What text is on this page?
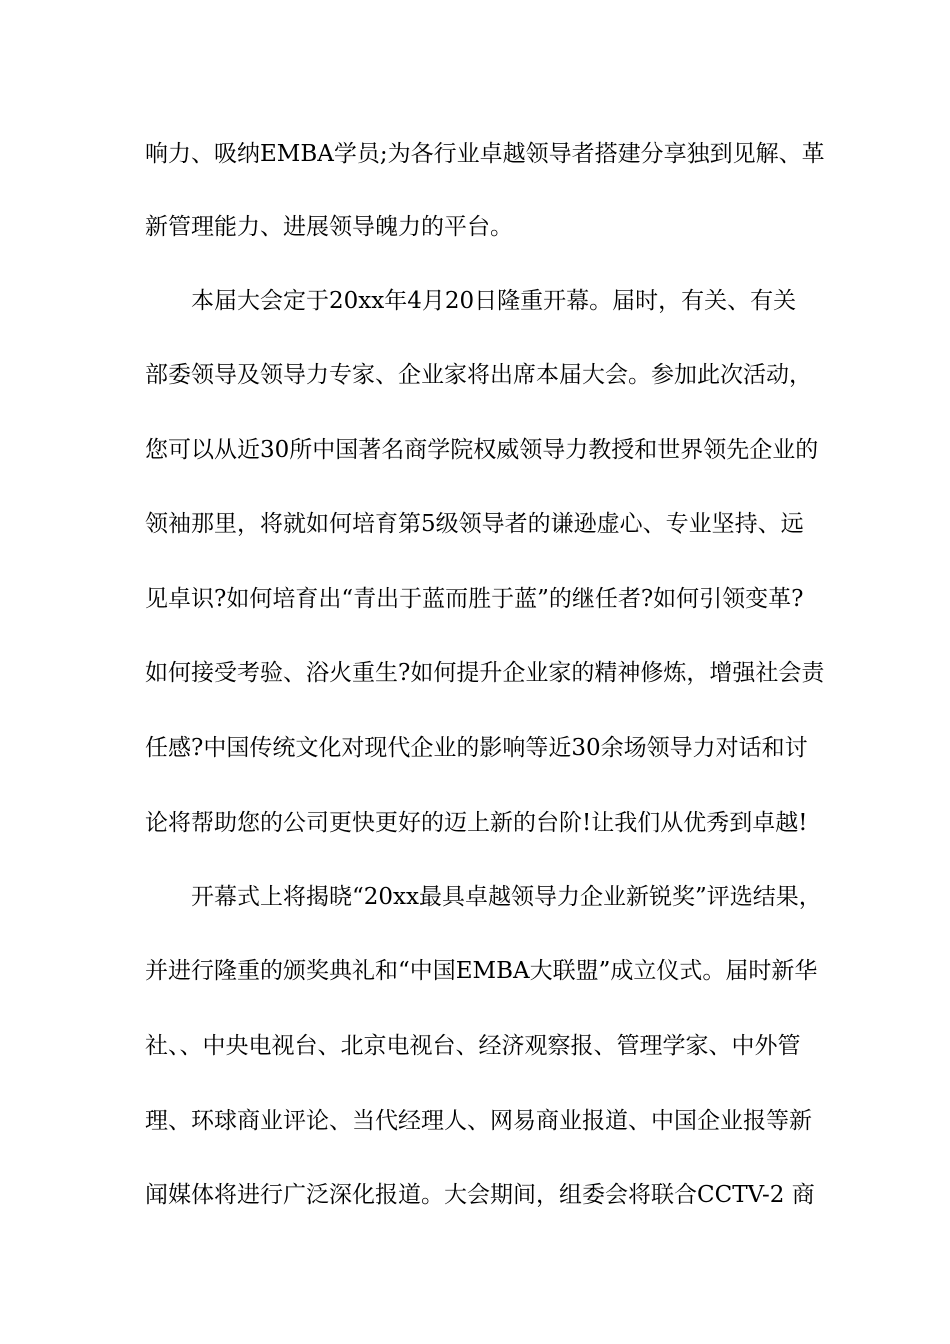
响力、吸纳EMBA学员;为各行业卓越领导者搭建分享独到见解、革
新管理能力、进展领导魄力的平台。
本届大会定于20xx年4月20日隆重开幕。届时，有关、有关
部委领导及领导力专家、企业家将出席本届大会。参加此次活动，
您可以从近30所中国著名商学院权威领导力教授和世界领先企业的
领袖那里，将就如何培育第5级领导者的谦逊虚心、专业坚持、远
见卓识?如何培育出“青出于蓝而胜于蓝”的继任者?如何引领变革?
如何接受考验、浴火重生?如何提升企业家的精神修炼，增强社会责
任感?中国传统文化对现代企业的影响等近30余场领导力对话和讨
论将帮助您的公司更快更好的迈上新的台阶!让我们从优秀到卓越!
开幕式上将揭晓“20xx最具卓越领导力企业新锐奖”评选结果，
并进行隆重的颁奖典礼和“中国EMBA大联盟”成立仪式。届时新华
社、、中央电视台、北京电视台、经济观察报、管理学家、中外管
理、环球商业评论、当代经理人、网易商业报道、中国企业报等新
闻媒体将进行广泛深化报道。大会期间，组委会将联合CCTV-2 商
